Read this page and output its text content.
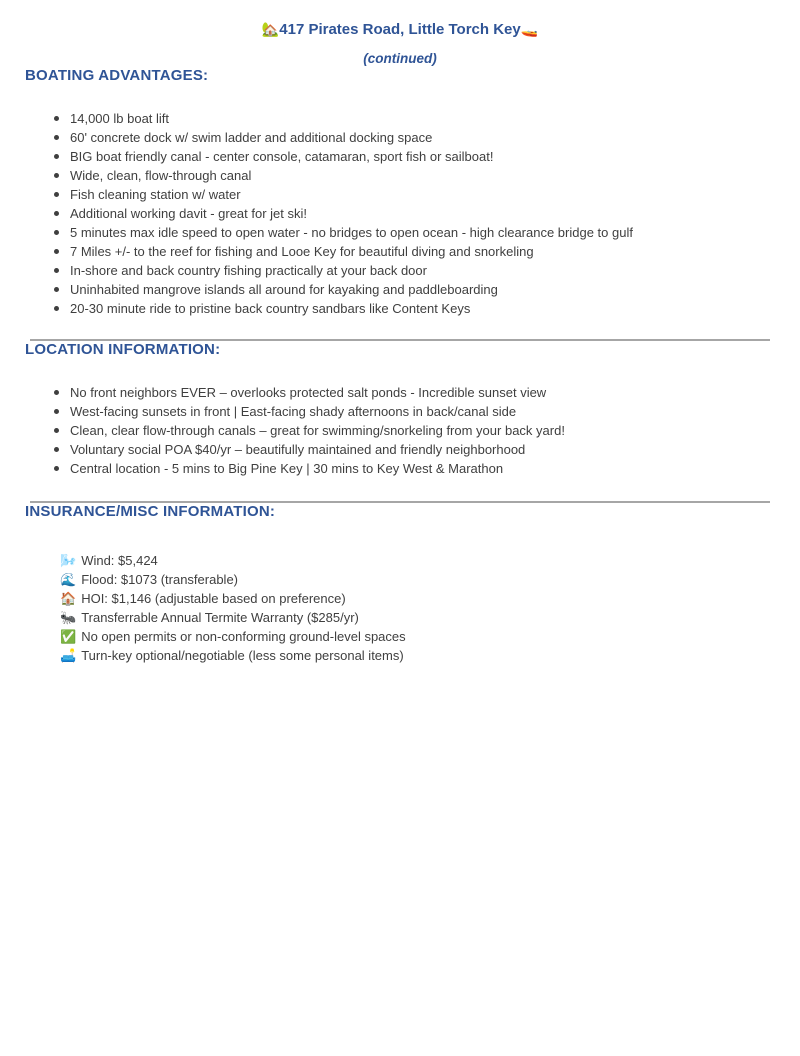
🏡417 Pirates Road, Little Torch Key🚤
(continued)
BOATING ADVANTAGES:
14,000 lb boat lift
60' concrete dock w/ swim ladder and additional docking space
BIG boat friendly canal - center console, catamaran, sport fish or sailboat!
Wide, clean, flow-through canal
Fish cleaning station w/ water
Additional working davit - great for jet ski!
5 minutes max idle speed to open water - no bridges to open ocean - high clearance bridge to gulf
7 Miles +/- to the reef for fishing and Looe Key for beautiful diving and snorkeling
In-shore and back country fishing practically at your back door
Uninhabited mangrove islands all around for kayaking and paddleboarding
20-30 minute ride to pristine back country sandbars like Content Keys
LOCATION INFORMATION:
No front neighbors EVER – overlooks protected salt ponds - Incredible sunset view
West-facing sunsets in front | East-facing shady afternoons in back/canal side
Clean, clear flow-through canals – great for swimming/snorkeling from your back yard!
Voluntary social POA $40/yr – beautifully maintained and friendly neighborhood
Central location - 5 mins to Big Pine Key | 30 mins to Key West & Marathon
INSURANCE/MISC INFORMATION:
🌬️ Wind: $5,424
🌊 Flood: $1073 (transferable)
🏠 HOI: $1,146 (adjustable based on preference)
🐜 Transferrable Annual Termite Warranty ($285/yr)
✅ No open permits or non-conforming ground-level spaces
🛋️ Turn-key optional/negotiable (less some personal items)
